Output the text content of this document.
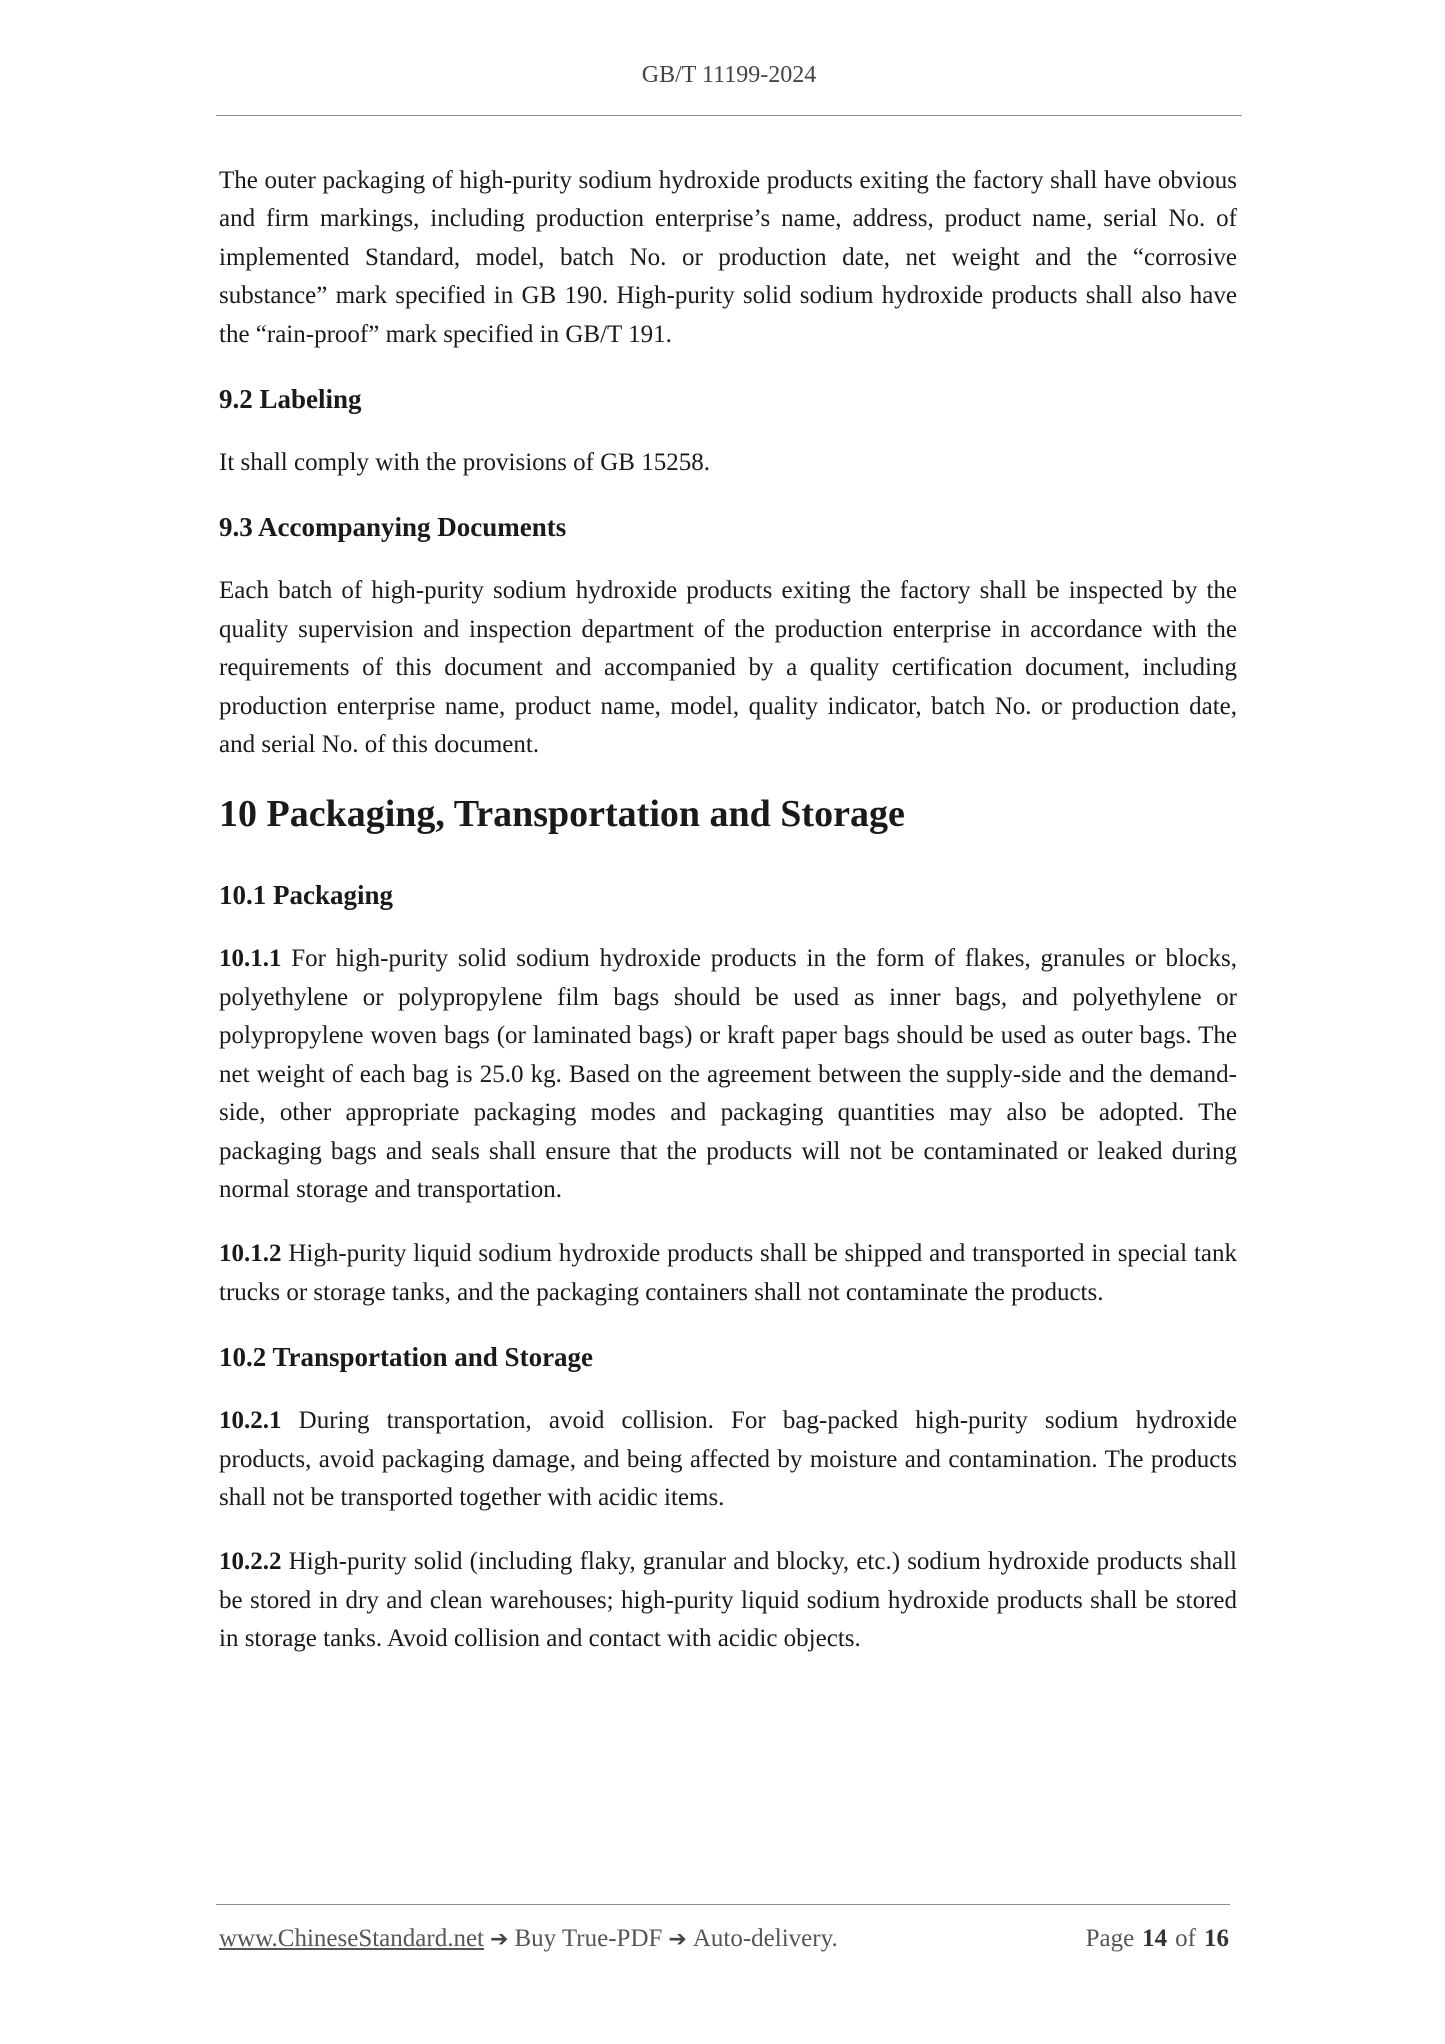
GB/T 11199-2024

The outer packaging of high-purity sodium hydroxide products exiting the factory shall have obvious and firm markings, including production enterprise’s name, address, product name, serial No. of implemented Standard, model, batch No. or production date, net weight and the “corrosive substance” mark specified in GB 190. High-purity solid sodium hydroxide products shall also have the “rain-proof” mark specified in GB/T 191.

9.2 Labeling

It shall comply with the provisions of GB 15258.

9.3 Accompanying Documents

Each batch of high-purity sodium hydroxide products exiting the factory shall be inspected by the quality supervision and inspection department of the production enterprise in accordance with the requirements of this document and accompanied by a quality certification document, including production enterprise name, product name, model, quality indicator, batch No. or production date, and serial No. of this document.

10 Packaging, Transportation and Storage
10.1 Packaging

10.1.1 For high-purity solid sodium hydroxide products in the form of flakes, granules or blocks, polyethylene or polypropylene film bags should be used as inner bags, and polyethylene or polypropylene woven bags (or laminated bags) or kraft paper bags should be used as outer bags. The net weight of each bag is 25.0 kg. Based on the agreement between the supply-side and the demand-side, other appropriate packaging modes and packaging quantities may also be adopted. The packaging bags and seals shall ensure that the products will not be contaminated or leaked during normal storage and transportation.

10.1.2 High-purity liquid sodium hydroxide products shall be shipped and transported in special tank trucks or storage tanks, and the packaging containers shall not contaminate the products.

10.2 Transportation and Storage

10.2.1 During transportation, avoid collision. For bag-packed high-purity sodium hydroxide products, avoid packaging damage, and being affected by moisture and contamination. The products shall not be transported together with acidic items.

10.2.2 High-purity solid (including flaky, granular and blocky, etc.) sodium hydroxide products shall be stored in dry and clean warehouses; high-purity liquid sodium hydroxide products shall be stored in storage tanks. Avoid collision and contact with acidic objects.

www.ChineseStandard.net ➔ Buy True-PDF ➔ Auto-delivery.	Page 14 of 16
